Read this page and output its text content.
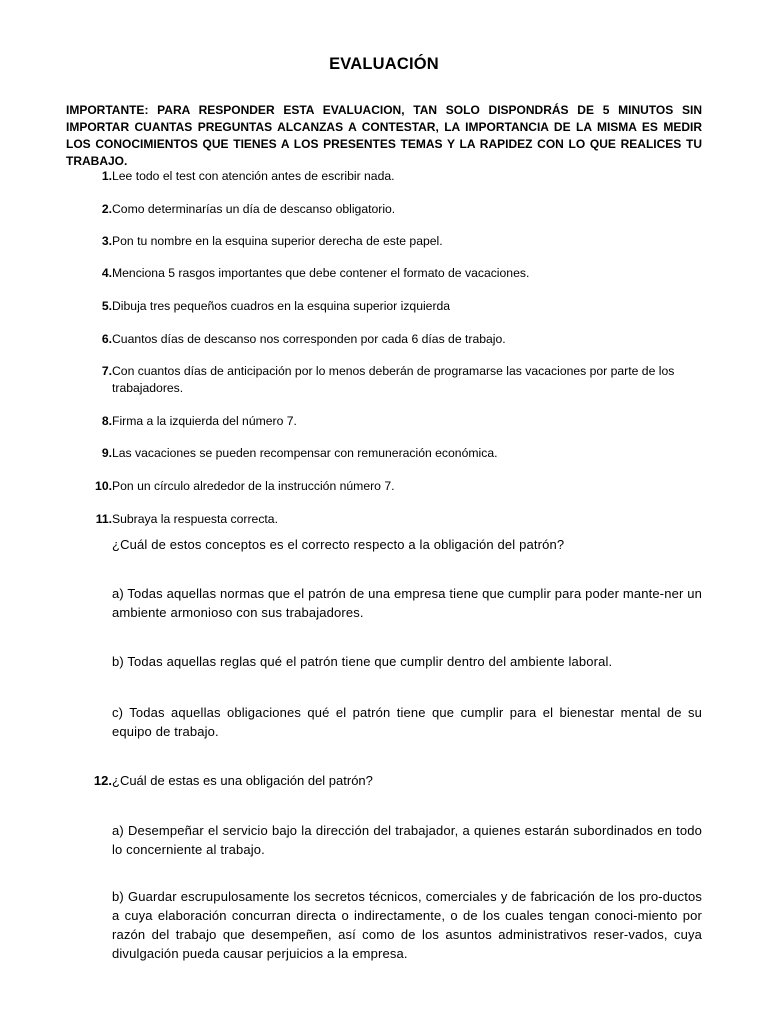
EVALUACIÓN
IMPORTANTE: PARA RESPONDER ESTA EVALUACION, TAN SOLO DISPONDRÁS DE 5 MINUTOS SIN IMPORTAR CUANTAS PREGUNTAS ALCANZAS A CONTESTAR, LA IMPORTANCIA DE LA MISMA ES MEDIR LOS CONOCIMIENTOS QUE TIENES A LOS PRESENTES TEMAS Y LA RAPIDEZ CON LO QUE REALICES TU TRABAJO.
1. Lee todo el test con atención antes de escribir nada.
2. Como determinarías un día de descanso obligatorio.
3. Pon tu nombre en la esquina superior derecha de este papel.
4. Menciona 5 rasgos importantes que debe contener el formato de vacaciones.
5. Dibuja tres pequeños cuadros en la esquina superior izquierda
6. Cuantos días de descanso nos corresponden por cada 6 días de trabajo.
7. Con cuantos días de anticipación por lo menos deberán de programarse las vacaciones por parte de los trabajadores.
8. Firma a la izquierda del número 7.
9. Las vacaciones se pueden recompensar con remuneración económica.
10. Pon un círculo alrededor de la instrucción número 7.
11. Subraya la respuesta correcta.
¿Cuál de estos conceptos es el correcto respecto a la obligación del patrón?
a) Todas aquellas normas que el patrón de una empresa tiene que cumplir para poder mante-ner un ambiente armonioso con sus trabajadores.
b) Todas aquellas reglas qué el patrón tiene que cumplir dentro del ambiente laboral.
c) Todas aquellas obligaciones qué el patrón tiene que cumplir para el bienestar mental de su equipo de trabajo.
12. ¿Cuál de estas es una obligación del patrón?
a) Desempeñar el servicio bajo la dirección del trabajador, a quienes estarán subordinados en todo lo concerniente al trabajo.
b) Guardar escrupulosamente los secretos técnicos, comerciales y de fabricación de los pro-ductos a cuya elaboración concurran directa o indirectamente, o de los cuales tengan conoci-miento por razón del trabajo que desempeñen, así como de los asuntos administrativos reser-vados, cuya divulgación pueda causar perjuicios a la empresa.
